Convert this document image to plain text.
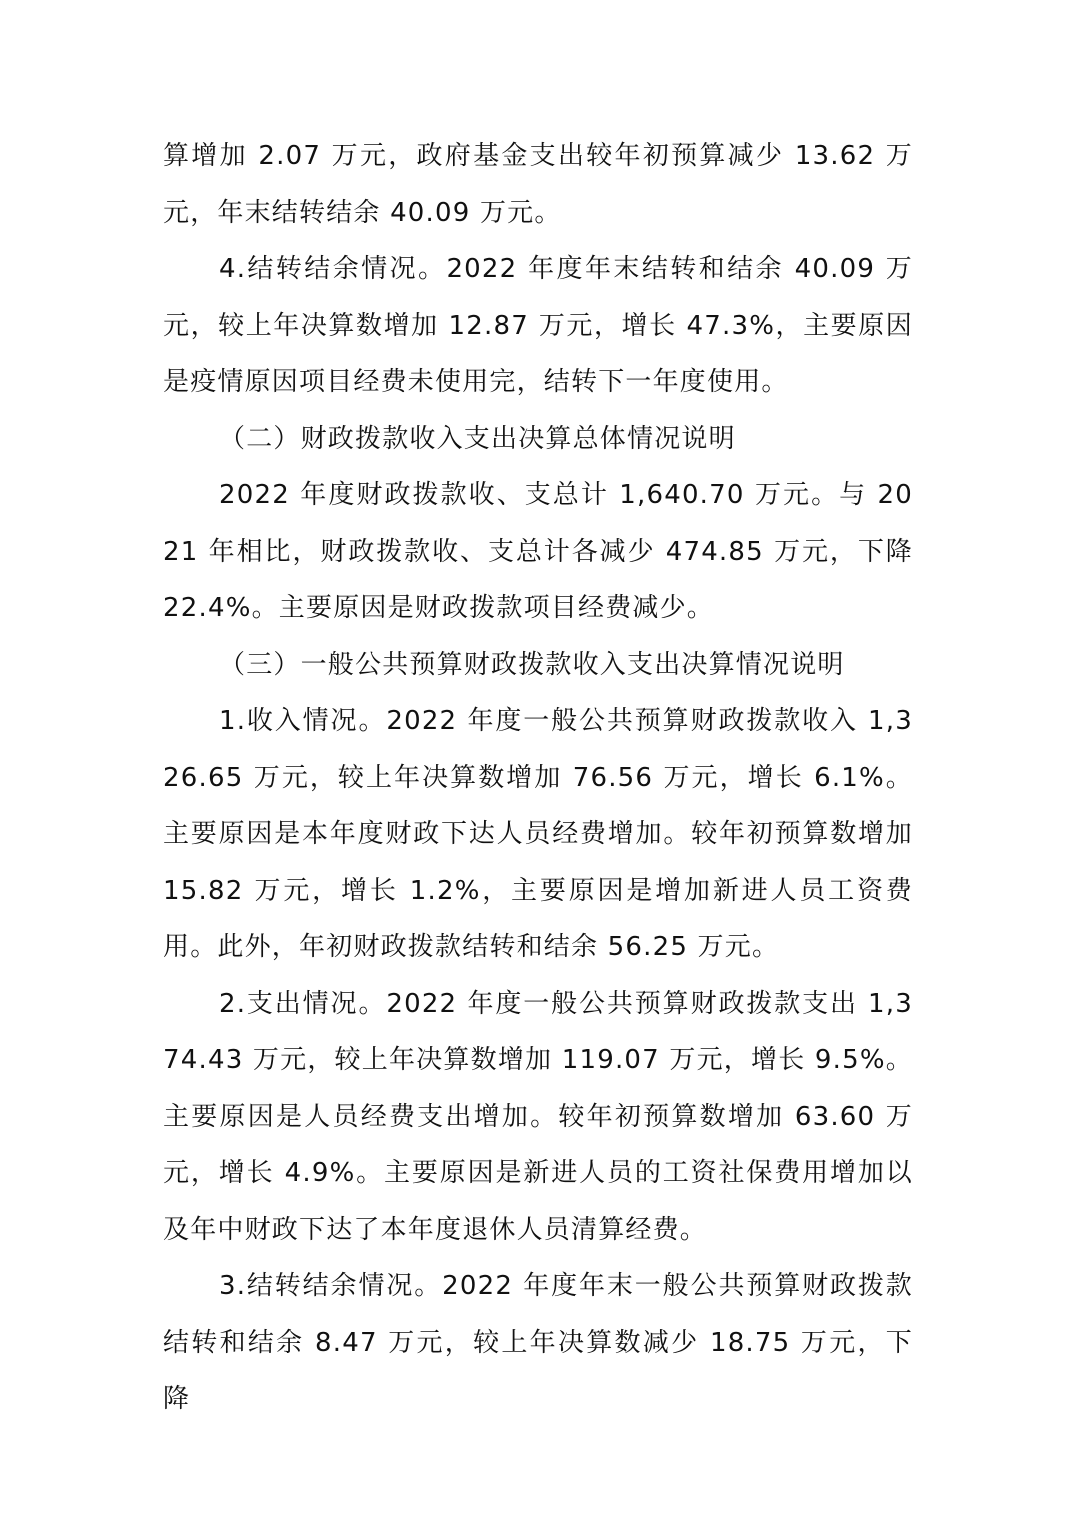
算增加 2.07 万元，政府基金支出较年初预算减少 13.62 万元，年末结转结余 40.09 万元。

4.结转结余情况。2022 年度年末结转和结余 40.09 万元，较上年决算数增加 12.87 万元，增长 47.3%，主要原因是疫情原因项目经费未使用完，结转下一年度使用。

（二）财政拨款收入支出决算总体情况说明

2022 年度财政拨款收、支总计 1,640.70 万元。与 2021 年相比，财政拨款收、支总计各减少 474.85 万元，下降 22.4%。主要原因是财政拨款项目经费减少。

（三）一般公共预算财政拨款收入支出决算情况说明

1.收入情况。2022 年度一般公共预算财政拨款收入 1,326.65 万元，较上年决算数增加 76.56 万元，增长 6.1%。主要原因是本年度财政下达人员经费增加。较年初预算数增加 15.82 万元，增长 1.2%，主要原因是增加新进人员工资费用。此外，年初财政拨款结转和结余 56.25 万元。

2.支出情况。2022 年度一般公共预算财政拨款支出 1,374.43 万元，较上年决算数增加 119.07 万元，增长 9.5%。主要原因是人员经费支出增加。较年初预算数增加 63.60 万元，增长 4.9%。主要原因是新进人员的工资社保费用增加以及年中财政下达了本年度退休人员清算经费。

3.结转结余情况。2022 年度年末一般公共预算财政拨款结转和结余 8.47 万元，较上年决算数减少 18.75 万元，下降
